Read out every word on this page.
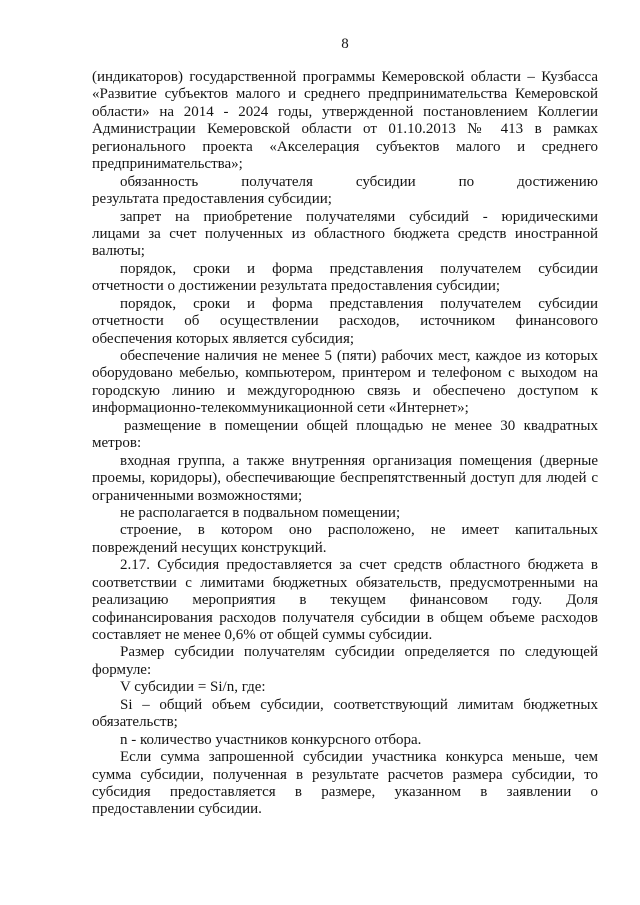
8
(индикаторов) государственной программы Кемеровской области – Кузбасса
«Развитие субъектов малого и среднего предпринимательства Кемеровской
области» на 2014 - 2024 годы, утвержденной постановлением Коллегии
Администрации Кемеровской области от 01.10.2013 № 413 в рамках
регионального проекта «Акселерация субъектов малого и среднего
предпринимательства»;
обязанность получателя субсидии по достижению
результата предоставления субсидии;
запрет на приобретение получателями субсидий - юридическими
лицами за счет полученных из областного бюджета средств иностранной
валюты;
порядок, сроки и форма представления получателем субсидии
отчетности о достижении результата предоставления субсидии;
порядок, сроки и форма представления получателем субсидии
отчетности об осуществлении расходов, источником финансового
обеспечения которых является субсидия;
обеспечение наличия не менее 5 (пяти) рабочих мест, каждое из которых
оборудовано мебелью, компьютером, принтером и телефоном с выходом на
городскую линию и междугороднюю связь и обеспечено доступом к
информационно-телекоммуникационной сети «Интернет»;
размещение в помещении общей площадью не менее 30 квадратных
метров:
входная группа, а также внутренняя организация помещения (дверные
проемы, коридоры), обеспечивающие беспрепятственный доступ для людей с
ограниченными возможностями;
не располагается в подвальном помещении;
строение, в котором оно расположено, не имеет капитальных
повреждений несущих конструкций.
2.17. Субсидия предоставляется за счет средств областного бюджета в
соответствии с лимитами бюджетных обязательств, предусмотренными на
реализацию мероприятия в текущем финансовом году. Доля
софинансирования расходов получателя субсидии в общем объеме расходов
составляет не менее 0,6% от общей суммы субсидии.
Размер субсидии получателям субсидии определяется по следующей
формуле:
V субсидии = Si/n, где:
Si – общий объем субсидии, соответствующий лимитам бюджетных
обязательств;
n - количество участников конкурсного отбора.
Если сумма запрошенной субсидии участника конкурса меньше, чем
сумма субсидии, полученная в результате расчетов размера субсидии, то
субсидия предоставляется в размере, указанном в заявлении о
предоставлении субсидии.
